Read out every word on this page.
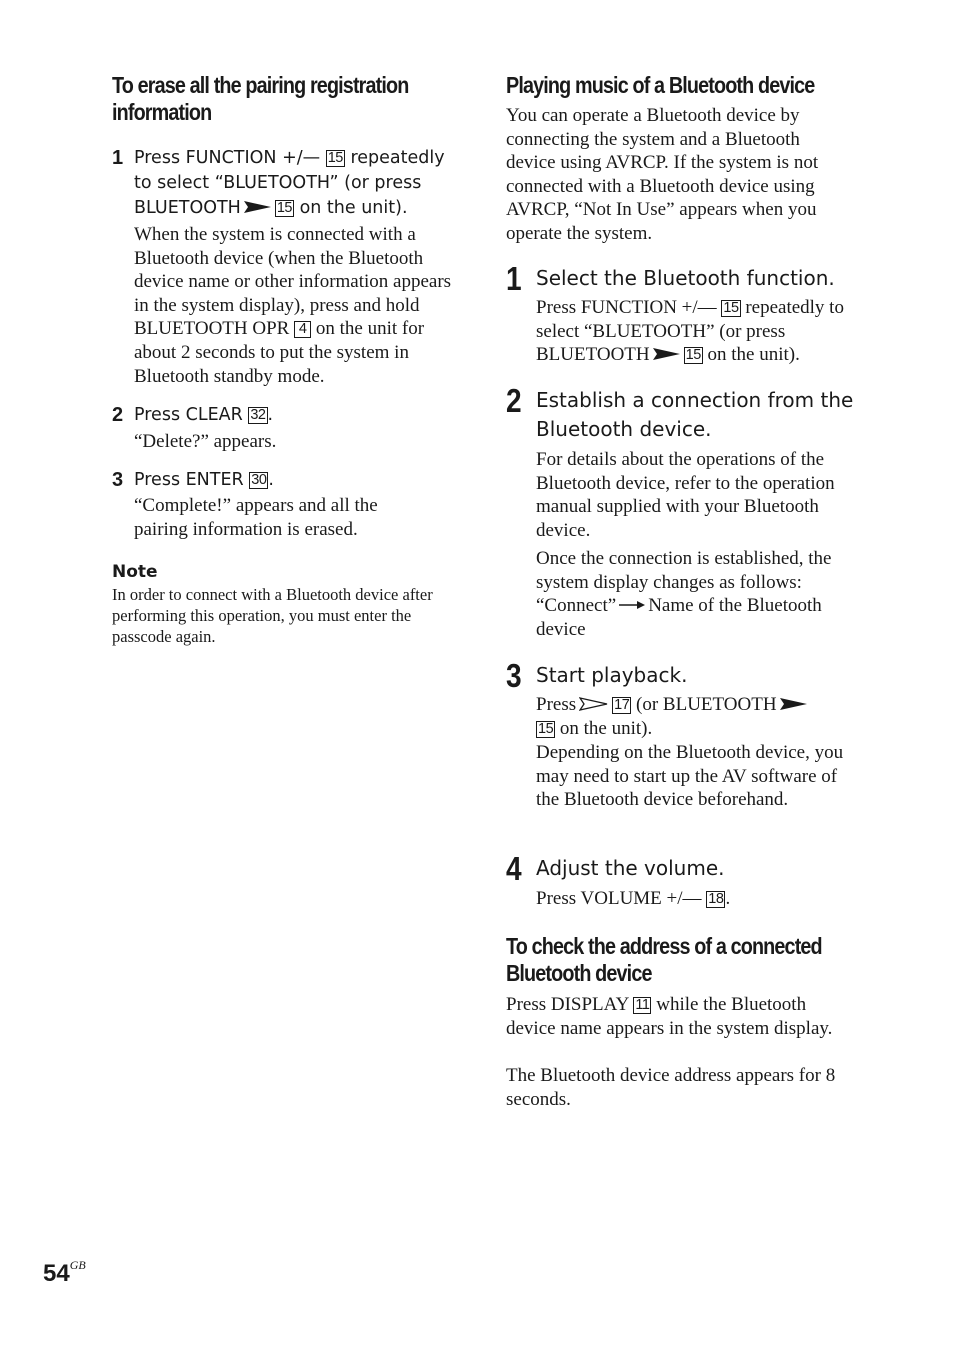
To erase all the pairing registration
information
1 Press FUNCTION +/— 15 repeatedly

to select “BLUETOOTH” (or press

BLUETOOTH 15 on the unit).

When the system is connected with a Bluetooth device (when the Bluetooth device name or other information appears in the system display), press and hold BLUETOOTH OPR 4 on the unit for about 2 seconds to put the system in Bluetooth standby mode.
2 Press CLEAR 32 .
“Delete?” appears.
3 Press ENTER 30 .
“Complete!” appears and all the pairing information is erased.
Note
In order to connect with a Bluetooth device after performing this operation, you must enter the passcode again.
Playing music of a Bluetooth device
You can operate a Bluetooth device by connecting the system and a Bluetooth device using AVRCP. If the system is not connected with a Bluetooth device using AVRCP, “Not In Use” appears when you operate the system.
1 Select the Bluetooth function.
Press FUNCTION +/— 15 repeatedly to select “BLUETOOTH” (or press BLUETOOTH 15 on the unit).
2 Establish a connection from the Bluetooth device.
For details about the operations of the Bluetooth device, refer to the operation manual supplied with your Bluetooth device.
Once the connection is established, the system display changes as follows: “Connect” Name of the Bluetooth device
3 Start playback.
Press	17 (or BLUETOOTH
15 on the unit).
Depending on the Bluetooth device, you may need to start up the AV software of the Bluetooth device beforehand.
4 Adjust the volume.
Press VOLUME +/— 18 .
To check the address of a connected
Bluetooth device
Press DISPLAY 11 while the Bluetooth device name appears in the system display.
The Bluetooth device address appears for 8 seconds.
$54^{GB}$
